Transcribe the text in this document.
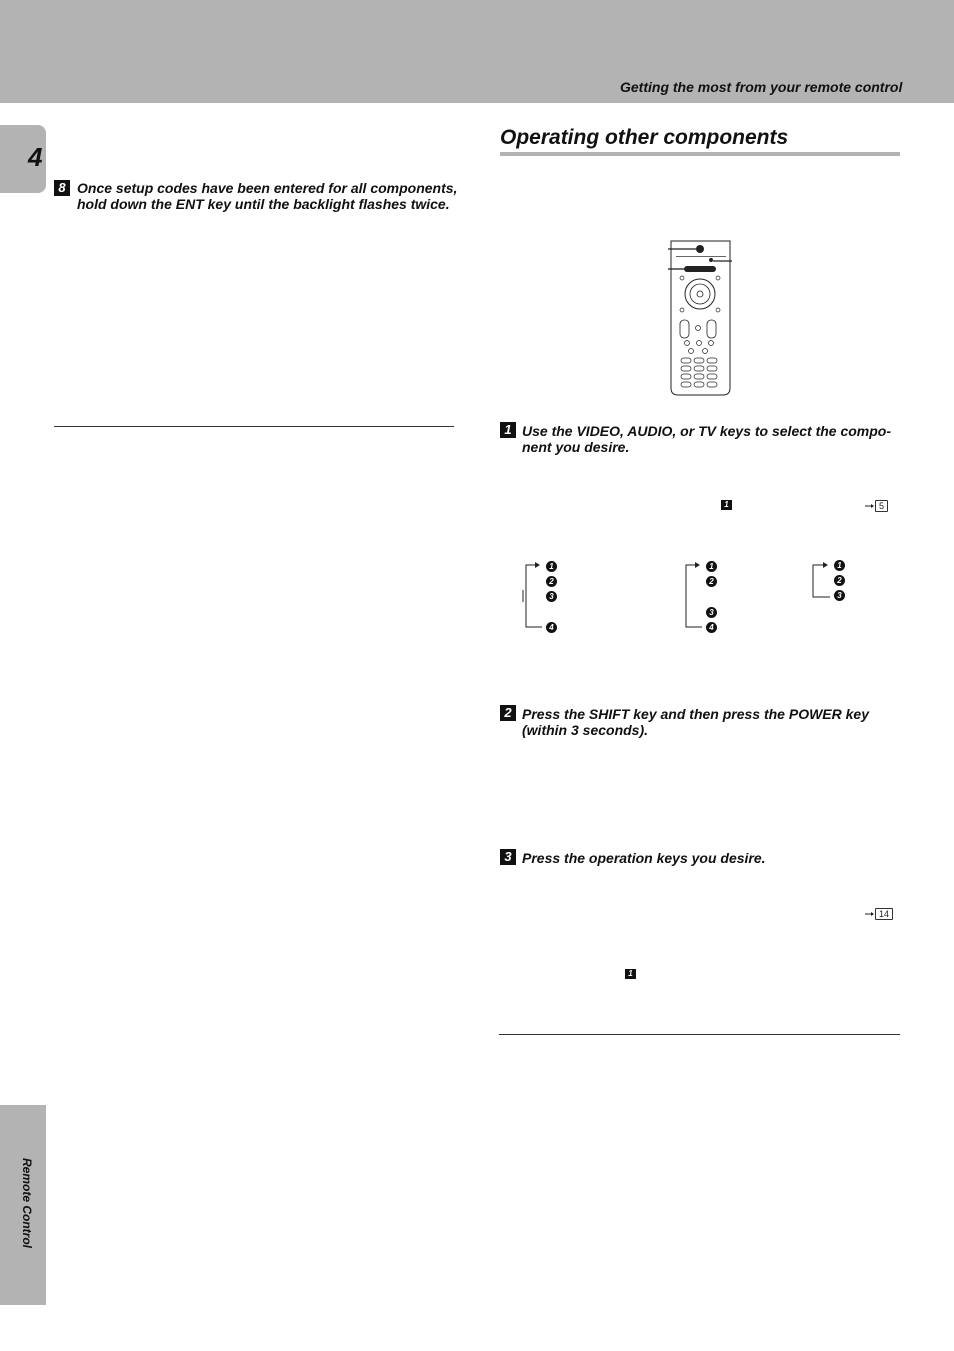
Getting the most from your remote control
4
Remote Control
8 Once setup codes have been entered for all components,
hold down the ENT key until the backlight flashes twice.
Operating other components
1 Use the VIDEO, AUDIO, or TV keys to select the compo-
nent you desire.
1	5
1
2
3
4
1
2
3
4
1
2
3
2 Press the SHIFT key and then press the POWER key
(within 3 seconds).
3 Press the operation keys you desire.
14
1
